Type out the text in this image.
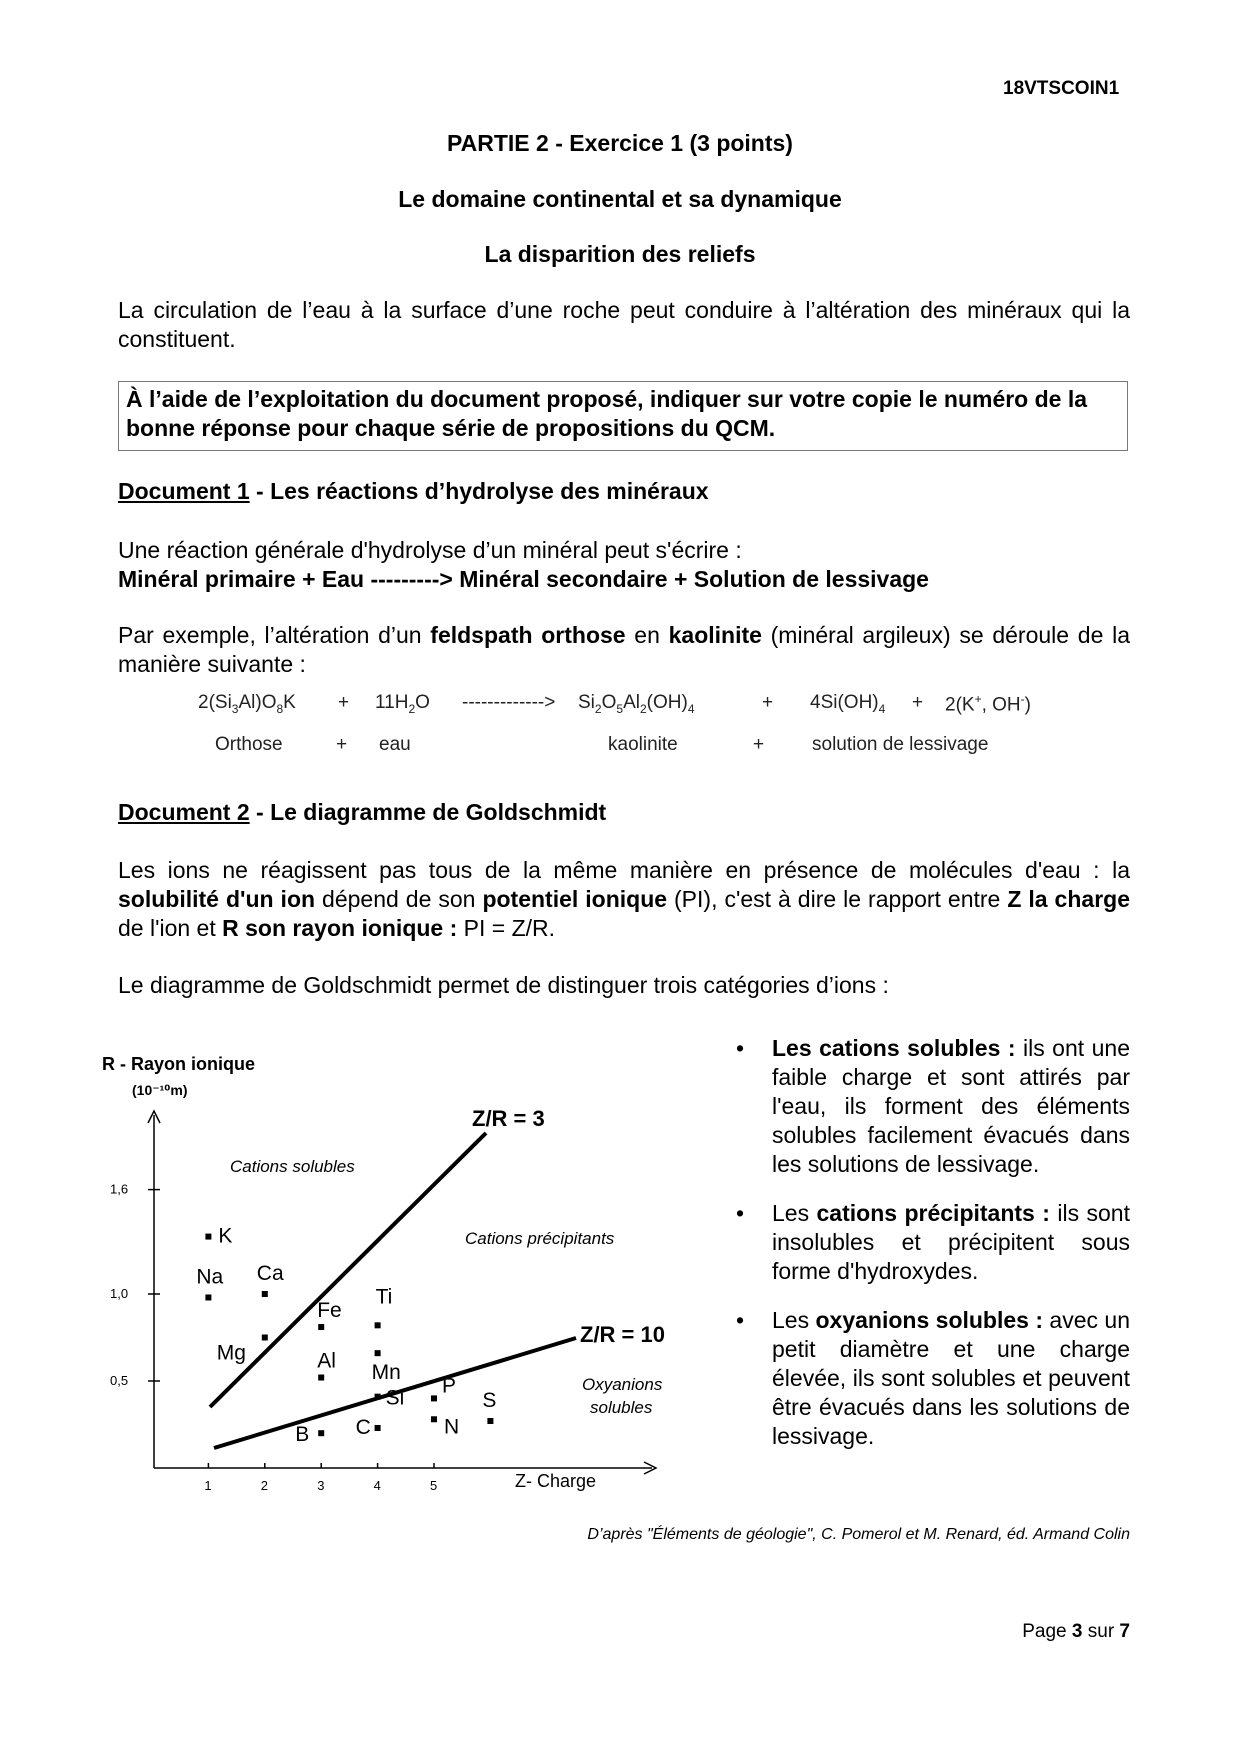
18VTSCOIN1
PARTIE 2 - Exercice 1 (3 points)
Le domaine continental et sa dynamique
La disparition des reliefs
La circulation de l’eau à la surface d’une roche peut conduire à l’altération des minéraux qui la constituent.
À l’aide de l’exploitation du document proposé, indiquer sur votre copie le numéro de la bonne réponse pour chaque série de propositions du QCM.
Document 1 - Les réactions d’hydrolyse des minéraux
Une réaction générale d'hydrolyse d’un minéral peut s'écrire :
Minéral primaire + Eau ---------> Minéral secondaire + Solution de lessivage
Par exemple, l’altération d’un feldspath orthose en kaolinite (minéral argileux) se déroule de la manière suivante :
$2(Si_3Al)O_8K + 11H_2O$ -------------> $Si_2O_5Al_2(OH)_4$	+ $4Si(OH)_4 + 2(K^+$, OH-)
Orthose	+ eau	kaolinite	+	solution de lessivage
Document 2 - Le diagramme de Goldschmidt
Les ions ne réagissent pas tous de la même manière en présence de molécules d'eau : la solubilité d'un ion dépend de son potentiel ionique (PI), c'est à dire le rapport entre Z la charge de l'ion et R son rayon ionique : PI = Z/R.
Le diagramme de Goldschmidt permet de distinguer trois catégories d’ions :
R - Rayon ionique
(10⁻¹⁰m)
0,5
1,0
1,6
1	2	3	4	5	Z- Charge
Z/R = 3
Z/R = 10
Cations solubles
Cations précipitants
Oxyanions
solubles
K
Na Ca
Mg
Fe
Al
B
Ti
Mn
Si
C
P
N
S
• Les cations solubles : ils ont une faible charge et sont attirés par l'eau, ils forment des éléments solubles facilement évacués dans les solutions de lessivage.
• Les cations précipitants : ils sont insolubles et précipitent sous forme d'hydroxydes.
• Les oxyanions solubles : avec un petit diamètre et une charge élevée, ils sont solubles et peuvent être évacués dans les solutions de lessivage.
D’après "Éléments de géologie", C. Pomerol et M. Renard, éd. Armand Colin
Page 3 sur 7
